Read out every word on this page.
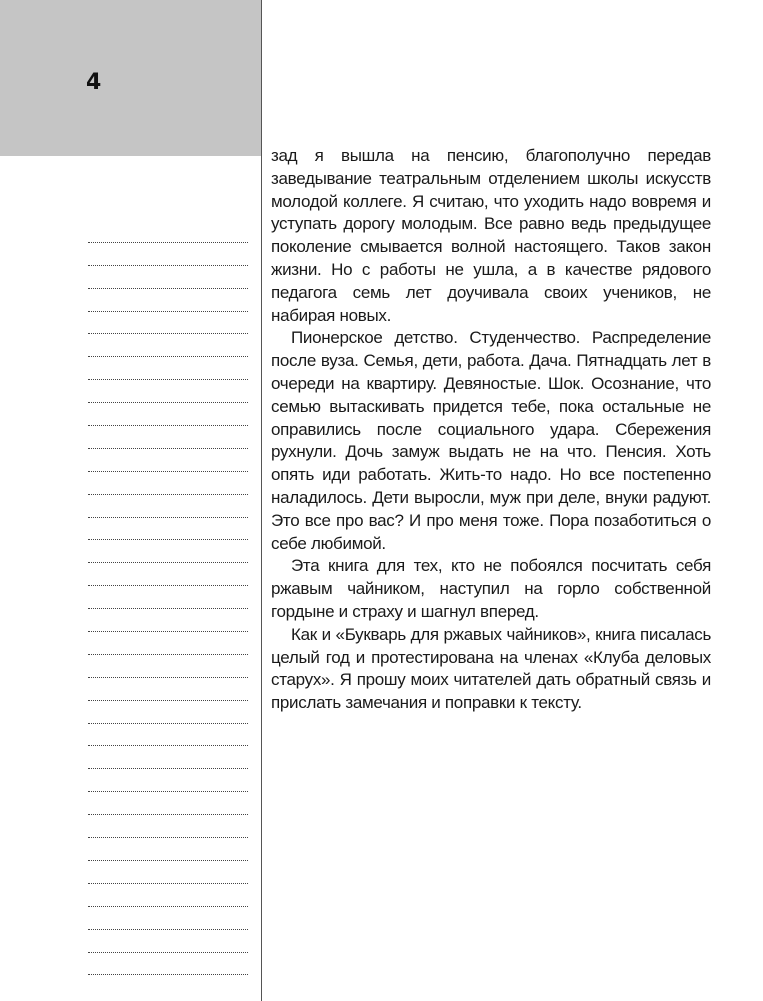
4

зад я вышла на пенсию, благополучно передав заведывание театральным отделением школы искусств молодой коллеге. Я считаю, что уходить надо вовремя и уступать дорогу молодым. Все равно ведь предыдущее поколение смывается волной настоящего. Таков закон жизни. Но с работы не ушла, а в качестве рядового педагога семь лет доучивала своих учеников, не набирая новых.

Пионерское детство. Студенчество. Распределение после вуза. Семья, дети, работа. Дача. Пятнадцать лет в очереди на квартиру. Девяностые. Шок. Осознание, что семью вытаскивать придется тебе, пока остальные не оправились после социального удара. Сбережения рухнули. Дочь замуж выдать не на что. Пенсия. Хоть опять иди работать. Жить-то надо. Но все постепенно наладилось. Дети выросли, муж при деле, внуки радуют. Это все про вас? И про меня тоже. Пора позаботиться о себе любимой.

Эта книга для тех, кто не побоялся посчитать себя ржавым чайником, наступил на горло собственной гордыне и страху и шагнул вперед.

Как и «Букварь для ржавых чайников», книга писалась целый год и протестирована на членах «Клуба деловых старух». Я прошу моих читателей дать обратный связь и прислать замечания и поправки к тексту.
